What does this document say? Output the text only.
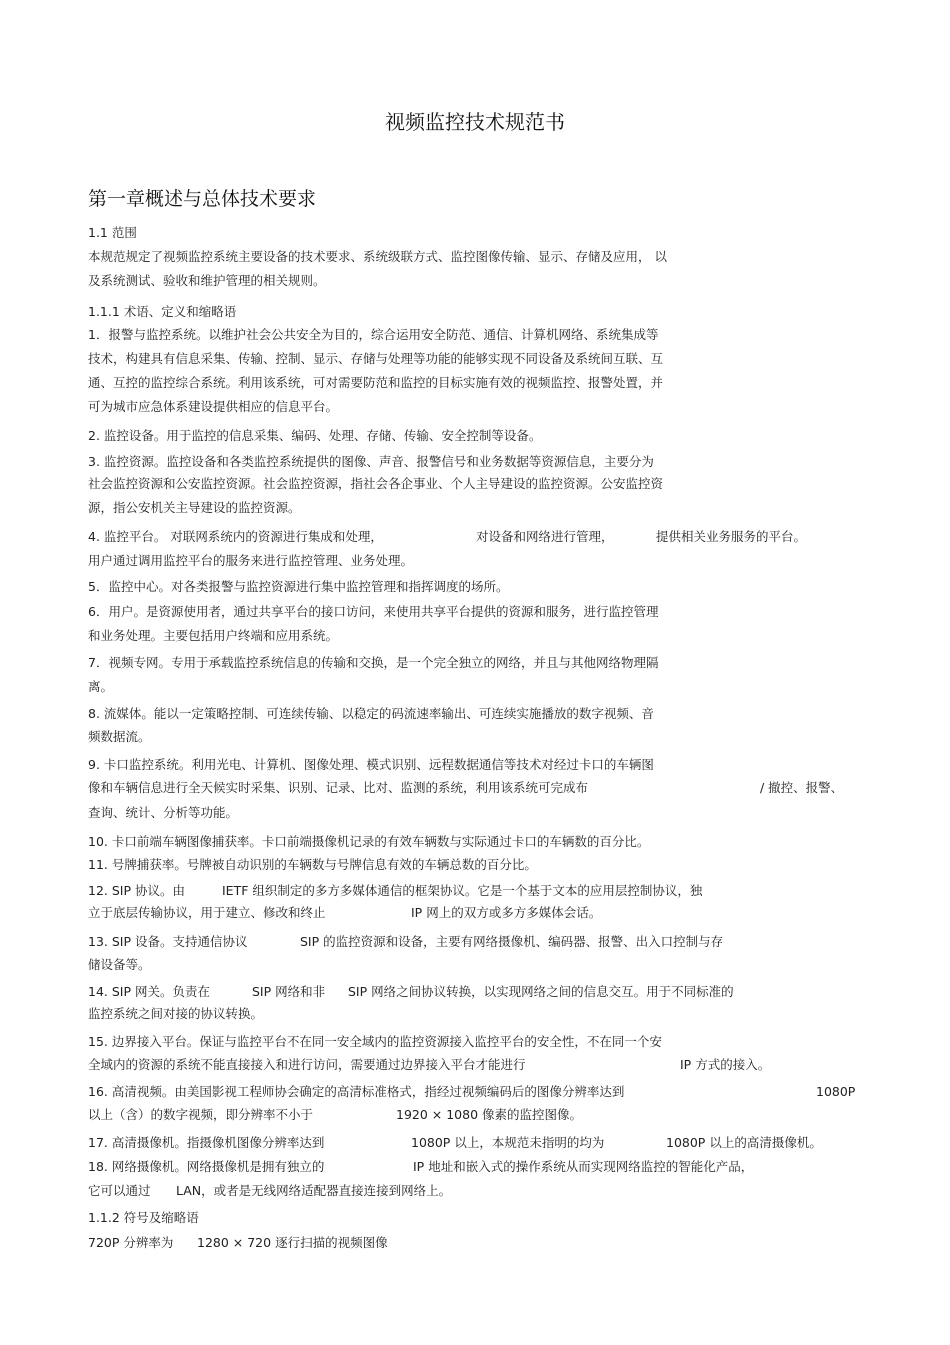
视频监控技术规范书
第一章概述与总体技术要求
1.1 范围
本规范规定了视频监控系统主要设备的技术要求、系统级联方式、监控图像传输、显示、存储及应用， 以
及系统测试、验收和维护管理的相关规则。
1.1.1 术语、定义和缩略语
1．报警与监控系统。以维护社会公共安全为目的，综合运用安全防范、通信、计算机网络、系统集成等
技术，构建具有信息采集、传输、控制、显示、存储与处理等功能的能够实现不同设备及系统间互联、互
通、互控的监控综合系统。利用该系统，可对需要防范和监控的目标实施有效的视频监控、报警处置，并
可为城市应急体系建设提供相应的信息平台。
2. 监控设备。用于监控的信息采集、编码、处理、存储、传输、安全控制等设备。
3. 监控资源。监控设备和各类监控系统提供的图像、声音、报警信号和业务数据等资源信息，主要分为
社会监控资源和公安监控资源。社会监控资源，指社会各企事业、个人主导建设的监控资源。公安监控资
源，指公安机关主导建设的监控资源。
4. 监控平台。 对联网系统内的资源进行集成和处理，	对设备和网络进行管理，	提供相关业务服务的平台。
用户通过调用监控平台的服务来进行监控管理、业务处理。
5．监控中心。对各类报警与监控资源进行集中监控管理和指挥调度的场所。
6．用户。是资源使用者，通过共享平台的接口访问，来使用共享平台提供的资源和服务，进行监控管理
和业务处理。主要包括用户终端和应用系统。
7．视频专网。专用于承载监控系统信息的传输和交换，是一个完全独立的网络，并且与其他网络物理隔
离。
8. 流媒体。能以一定策略控制、可连续传输、以稳定的码流速率输出、可连续实施播放的数字视频、音
频数据流。
9. 卡口监控系统。利用光电、计算机、图像处理、模式识别、远程数据通信等技术对经过卡口的车辆图
像和车辆信息进行全天候实时采集、识别、记录、比对、监测的系统，利用该系统可完成布	/ 撤控、报警、
查询、统计、分析等功能。
10. 卡口前端车辆图像捕获率。卡口前端摄像机记录的有效车辆数与实际通过卡口的车辆数的百分比。
11. 号牌捕获率。号牌被自动识别的车辆数与号牌信息有效的车辆总数的百分比。
12. SIP 协议。由	IETF 组织制定的多方多媒体通信的框架协议。它是一个基于文本的应用层控制协议，独
立于底层传输协议，用于建立、修改和终止	IP 网上的双方或多方多媒体会话。
13. SIP 设备。支持通信协议	SIP 的监控资源和设备，主要有网络摄像机、编码器、报警、出入口控制与存
储设备等。
14. SIP 网关。负责在	SIP 网络和非 SIP 网络之间协议转换，以实现网络之间的信息交互。用于不同标准的
监控系统之间对接的协议转换。
15. 边界接入平台。保证与监控平台不在同一安全域内的监控资源接入监控平台的安全性，不在同一个安
全域内的资源的系统不能直接接入和进行访问，需要通过边界接入平台才能进行	IP 方式的接入。
16. 高清视频。由美国影视工程师协会确定的高清标准格式，指经过视频编码后的图像分辨率达到	1080P
以上（含）的数字视频，即分辨率不小于	1920 × 1080 像素的监控图像。
17. 高清摄像机。指摄像机图像分辨率达到	1080P 以上，本规范未指明的均为	1080P 以上的高清摄像机。
18. 网络摄像机。网络摄像机是拥有独立的	IP 地址和嵌入式的操作系统从而实现网络监控的智能化产品，
它可以通过 LAN，或者是无线网络适配器直接连接到网络上。
1.1.2 符号及缩略语
720P 分辨率为 1280 × 720 逐行扫描的视频图像
